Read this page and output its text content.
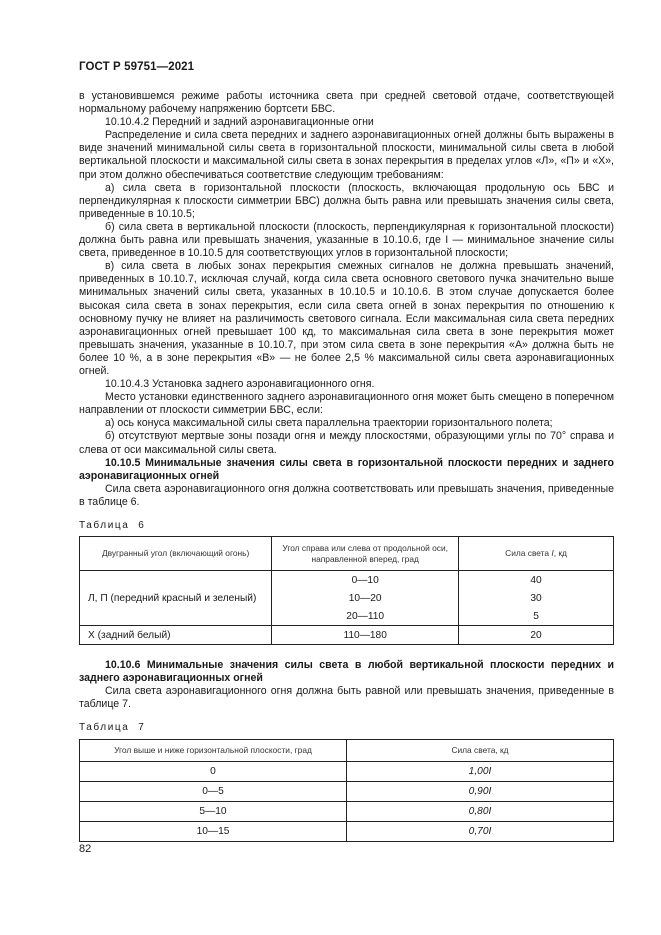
ГОСТ Р 59751—2021

в установившемся режиме работы источника света при средней световой отдаче, соответствующей нормальному рабочему напряжению бортсети БВС.

10.10.4.2 Передний и задний аэронавигационные огни

Распределение и сила света передних и заднего аэронавигационных огней должны быть выражены в виде значений минимальной силы света в горизонтальной плоскости, минимальной силы света в любой вертикальной плоскости и максимальной силы света в зонах перекрытия в пределах углов «Л», «П» и «Х», при этом должно обеспечиваться соответствие следующим требованиям:

а) сила света в горизонтальной плоскости (плоскость, включающая продольную ось БВС и перпендикулярная к плоскости симметрии БВС) должна быть равна или превышать значения силы света, приведенные в 10.10.5;

б) сила света в вертикальной плоскости (плоскость, перпендикулярная к горизонтальной плоскости) должна быть равна или превышать значения, указанные в 10.10.6, где I — минимальное значение силы света, приведенное в 10.10.5 для соответствующих углов в горизонтальной плоскости;

в) сила света в любых зонах перекрытия смежных сигналов не должна превышать значений, приведенных в 10.10.7, исключая случай, когда сила света основного светового пучка значительно выше минимальных значений силы света, указанных в 10.10.5 и 10.10.6. В этом случае допускается более высокая сила света в зонах перекрытия, если сила света огней в зонах перекрытия по отношению к основному пучку не влияет на различимость светового сигнала. Если максимальная сила света передних аэронавигационных огней превышает 100 кд, то максимальная сила света в зоне перекрытия может превышать значения, указанные в 10.10.7, при этом сила света в зоне перекрытия «А» должна быть не более 10 %, а в зоне перекрытия «В» — не более 2,5 % максимальной силы света аэронавигационных огней.

10.10.4.3 Установка заднего аэронавигационного огня.

Место установки единственного заднего аэронавигационного огня может быть смещено в поперечном направлении от плоскости симметрии БВС, если:

а) ось конуса максимальной силы света параллельна траектории горизонтального полета;

б) отсутствуют мертвые зоны позади огня и между плоскостями, образующими углы по 70° справа и слева от оси максимальной силы света.

10.10.5 Минимальные значения силы света в горизонтальной плоскости передних и заднего аэронавигационных огней

Сила света аэронавигационного огня должна соответствовать или превышать значения, приведенные в таблице 6.

Таблица 6

Двугранный угол (включающий огонь)	Угол справа или слева от продольной оси, направленной вперед, град	Сила света I, кд
Л, П (передний красный и зеленый)	0—10	40
	10—20	30
	20—110	5
Х (задний белый)	110—180	20

10.10.6 Минимальные значения силы света в любой вертикальной плоскости передних и заднего аэронавигационных огней

Сила света аэронавигационного огня должна быть равной или превышать значения, приведенные в таблице 7.

Таблица 7

Угол выше и ниже горизонтальной плоскости, град	Сила света, кд
0	1,00I
0—5	0,90I
5—10	0,80I
10—15	0,70I
82
